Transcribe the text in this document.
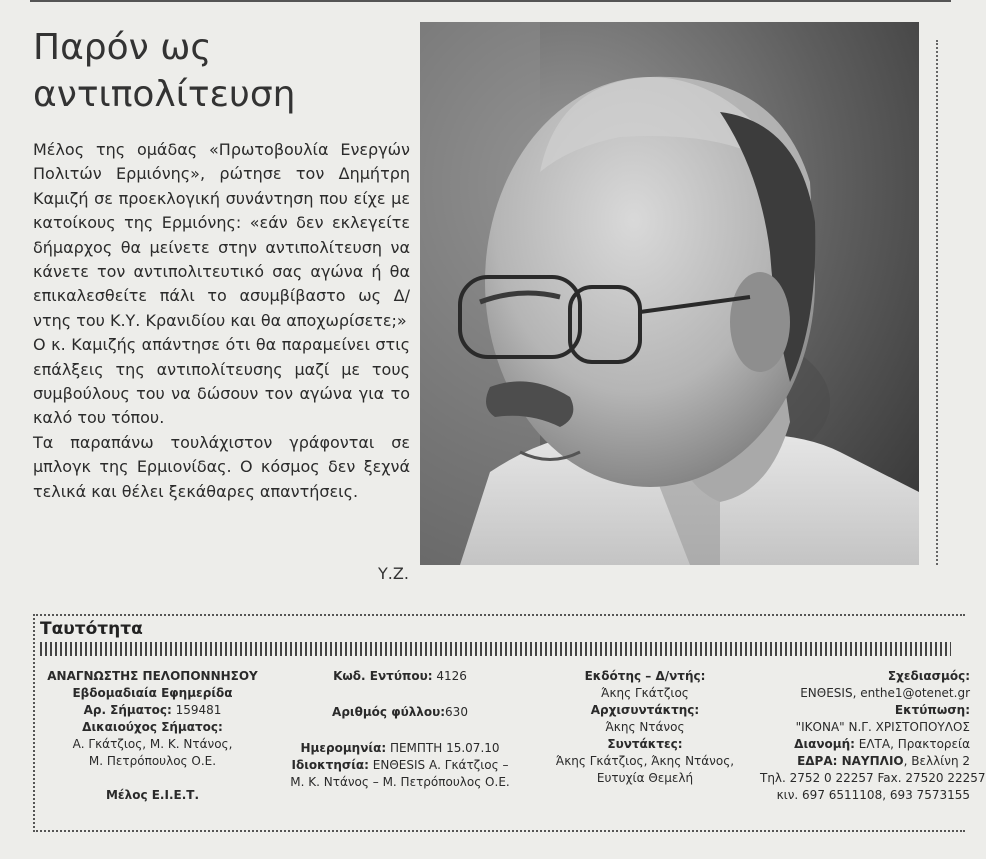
Παρόν ως
αντιπολίτευση

Μέλος της ομάδας «Πρωτοβουλία Ενεργών Πολιτών Ερμιόνης», ρώτησε τον Δημήτρη Καμιζή σε προεκλογική συνάντηση που είχε με κατοίκους της Ερμιόνης: «εάν δεν εκλεγείτε δήμαρχος θα μείνετε στην αντιπολίτευση να κάνετε τον αντιπολιτευτικό σας αγώνα ή θα επικαλεσθείτε πάλι το ασυμβίβαστο ως Δ/ντης του Κ.Υ. Κρανιδίου και θα αποχωρίσετε;»

Ο κ. Καμιζής απάντησε ότι θα παραμείνει στις επάλξεις της αντιπολίτευσης μαζί με τους συμβούλους του να δώσουν τον αγώνα για το καλό του τόπου.

Τα παραπάνω τουλάχιστον γράφονται σε μπλογκ της Ερμιονίδας. Ο κόσμος δεν ξεχνά τελικά και θέλει ξεκάθαρες απαντήσεις.

Υ.Ζ.
Ταυτότητα
ΑΝΑΓΝΩΣΤΗΣ ΠΕΛΟΠΟΝΝΗΣΟΥ
Εβδομαδιαία Εφημερίδα
Αρ. Σήματος: 159481
Δικαιούχος Σήματος:
Α. Γκάτζιος, Μ. Κ. Ντάνος,
Μ. Πετρόπουλος Ο.Ε.
Μέλος Ε.Ι.Ε.Τ.
Κωδ. Εντύπου: 4126
Αριθμός φύλλου:630
Ημερομηνία: ΠΕΜΠΤΗ 15.07.10
Ιδιοκτησία: ΕΝΘΕSIS Α. Γκάτζιος –
Μ. Κ. Ντάνος – Μ. Πετρόπουλος Ο.Ε.
Εκδότης – Δ/ντής:
Άκης Γκάτζιος
Αρχισυντάκτης:
Άκης Ντάνος
Συντάκτες:
Άκης Γκάτζιος, Άκης Ντάνος,
Ευτυχία Θεμελή
Σχεδιασμός:
ΕΝΘΕSIS, enthe1@otenet.gr
Εκτύπωση:
"ΙΚΟΝΑ" Ν.Γ. ΧΡΙΣΤΟΠΟΥΛΟΣ
Διανομή: ΕΛΤΑ, Πρακτορεία
ΕΔΡΑ: ΝΑΥΠΛΙΟ, Βελλίνη 2
Τηλ. 2752 0 22257 Fax. 27520 22257
κιν. 697 6511108, 693 7573155
